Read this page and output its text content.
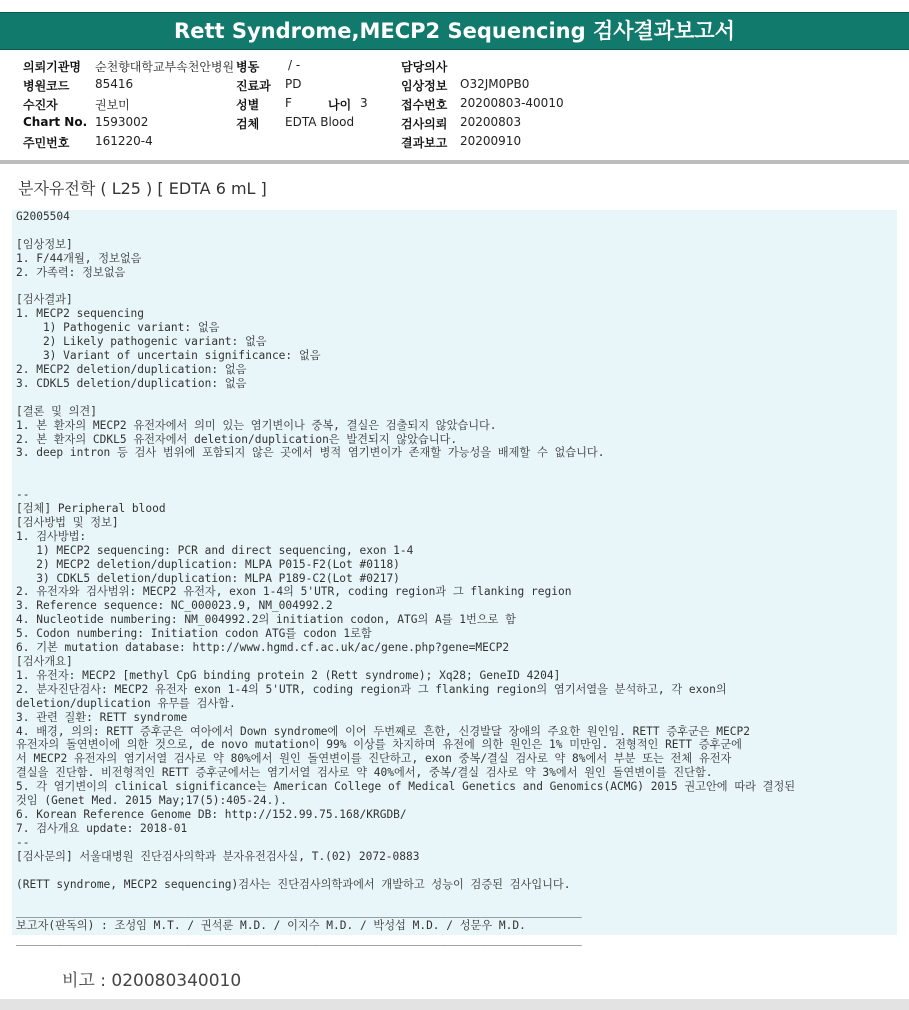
Rett Syndrome,MECP2 Sequencing 검사결과보고서
의뢰기관명 순천향대학교부속천안병원
병원코드 85416
수진자	권보미
Chart No. 1593002
주민번호 161220-4
병동 / -
진료과 PD
성별 F	나이 3
검체 EDTA Blood
담당의사
임상정보 O32JM0PB0
접수번호 20200803-40010
검사의뢰 20200803
결과보고 20200910
분자유전학 ( L25 ) [ EDTA 6 mL ]
G2005504

[임상정보]
1. F/44개월, 정보없음
2. 가족력: 정보없음

[검사결과]
1. MECP2 sequencing
1) Pathogenic variant: 없음
2) Likely pathogenic variant: 없음
3) Variant of uncertain significance: 없음
2. MECP2 deletion/duplication: 없음
3. CDKL5 deletion/duplication: 없음

[결론 및 의견]
1. 본 환자의 MECP2 유전자에서 의미 있는 염기변이나 중복, 결실은 검출되지 않았습니다.
2. 본 환자의 CDKL5 유전자에서 deletion/duplication은 발견되지 않았습니다.
3. deep intron 등 검사 범위에 포함되지 않은 곳에서 병적 염기변이가 존재할 가능성을 배제할 수 없습니다.

--
[검체] Peripheral blood
[검사방법 및 정보]
1. 검사방법:
1) MECP2 sequencing: PCR and direct sequencing, exon 1-4
2) MECP2 deletion/duplication: MLPA P015-F2(Lot #0118)
3) CDKL5 deletion/duplication: MLPA P189-C2(Lot #0217)
2. 유전자와 검사범위: MECP2 유전자, exon 1-4의 5'UTR, coding region과 그 flanking region
3. Reference sequence: NC_000023.9, NM_004992.2
4. Nucleotide numbering: NM_004992.2의 initiation codon, ATG의 A를 1번으로 함
5. Codon numbering: Initiation codon ATG를 codon 1로함
6. 기본 mutation database: http://www.hgmd.cf.ac.uk/ac/gene.php?gene=MECP2
[검사개요]
1. 유전자: MECP2 [methyl CpG binding protein 2 (Rett syndrome); Xq28; GeneID 4204]
2. 분자진단검사: MECP2 유전자 exon 1-4의 5'UTR, coding region과 그 flanking region의 염기서열을 분석하고, 각 exon의
deletion/duplication 유무를 검사함.
3. 관련 질환: RETT syndrome
4. 배경, 의의: RETT 증후군은 여아에서 Down syndrome에 이어 두번째로 흔한, 신경발달 장애의 주요한 원인임. RETT 증후군은 MECP2
유전자의 돌연변이에 의한 것으로, de novo mutation이 99% 이상를 차지하며 유전에 의한 원인은 1% 미만임. 전형적인 RETT 증후군에
서 MECP2 유전자의 염기서열 검사로 약 80%에서 원인 돌연변이를 진단하고, exon 중복/결실 검사로 약 8%에서 부분 또는 전체 유전자
결실을 진단함. 비전형적인 RETT 증후군에서는 염기서열 검사로 약 40%에서, 중복/결실 검사로 약 3%에서 원인 돌연변이를 진단함.
5. 각 염기변이의 clinical significance는 American College of Medical Genetics and Genomics(ACMG) 2015 권고안에 따라 결정된
것임 (Genet Med. 2015 May;17(5):405-24.).
6. Korean Reference Genome DB: http://152.99.75.168/KRGDB/
7. 검사개요 update: 2018-01
--
[검사문의] 서울대병원 진단검사의학과 분자유전검사실, T.(02) 2072-0883

(RETT syndrome, MECP2 sequencing)검사는 진단검사의학과에서 개발하고 성능이 검증된 검사입니다.

____________________________________________________________________________________
보고자(판독의) : 조성임 M.T. / 권석룬 M.D. / 이지수 M.D. / 박성섭 M.D. / 성문우 M.D.
____________________________________________________________________________________
비고 : 020080340010
